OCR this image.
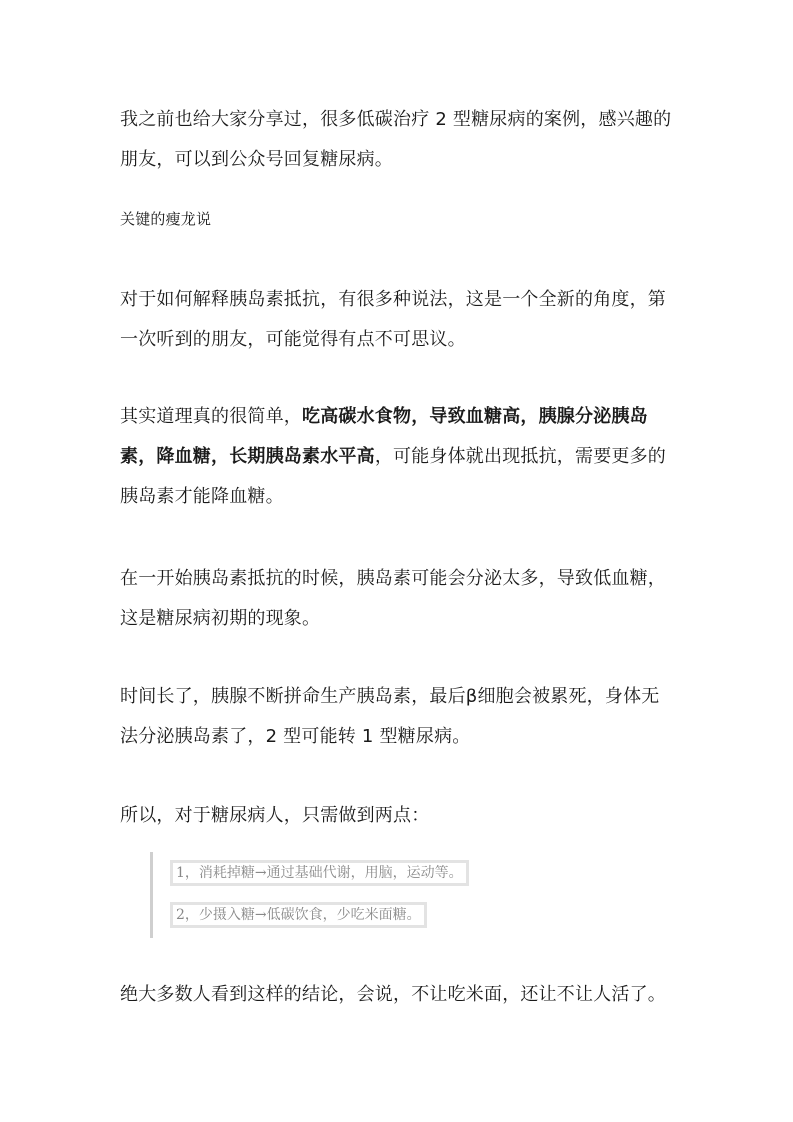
我之前也给大家分享过，很多低碳治疗 2 型糖尿病的案例，感兴趣的朋友，可以到公众号回复糖尿病。

关键的瘦龙说

对于如何解释胰岛素抵抗，有很多种说法，这是一个全新的角度，第一次听到的朋友，可能觉得有点不可思议。

其实道理真的很简单，吃高碳水食物，导致血糖高，胰腺分泌胰岛素，降血糖，长期胰岛素水平高，可能身体就出现抵抗，需要更多的胰岛素才能降血糖。

在一开始胰岛素抵抗的时候，胰岛素可能会分泌太多，导致低血糖，这是糖尿病初期的现象。

时间长了，胰腺不断拼命生产胰岛素，最后β细胞会被累死，身体无法分泌胰岛素了，2 型可能转 1 型糖尿病。

所以，对于糖尿病人，只需做到两点：

1，消耗掉糖→通过基础代谢，用脑，运动等。
2，少摄入糖→低碳饮食，少吃米面糖。

绝大多数人看到这样的结论，会说，不让吃米面，还让不让人活了。
